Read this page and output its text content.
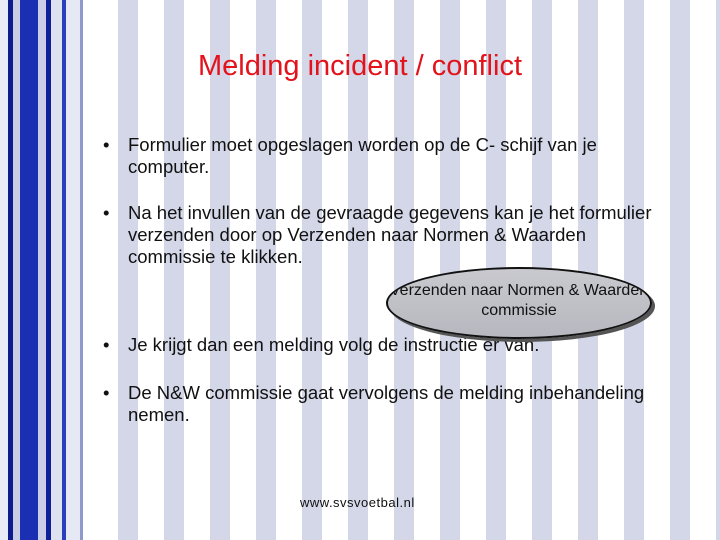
Melding incident / conflict
• Formulier moet opgeslagen worden op de C- schijf van je computer.
• Na het invullen van de gevraagde gegevens kan je het formulier verzenden door op Verzenden naar Normen & Waarden commissie te klikken.
• Je krijgt dan een melding volg de instructie er van.
• De N&W commissie gaat vervolgens de melding inbehandeling nemen.
Verzenden naar Normen & Waarden commissie
www.svsvoetbal.nl
